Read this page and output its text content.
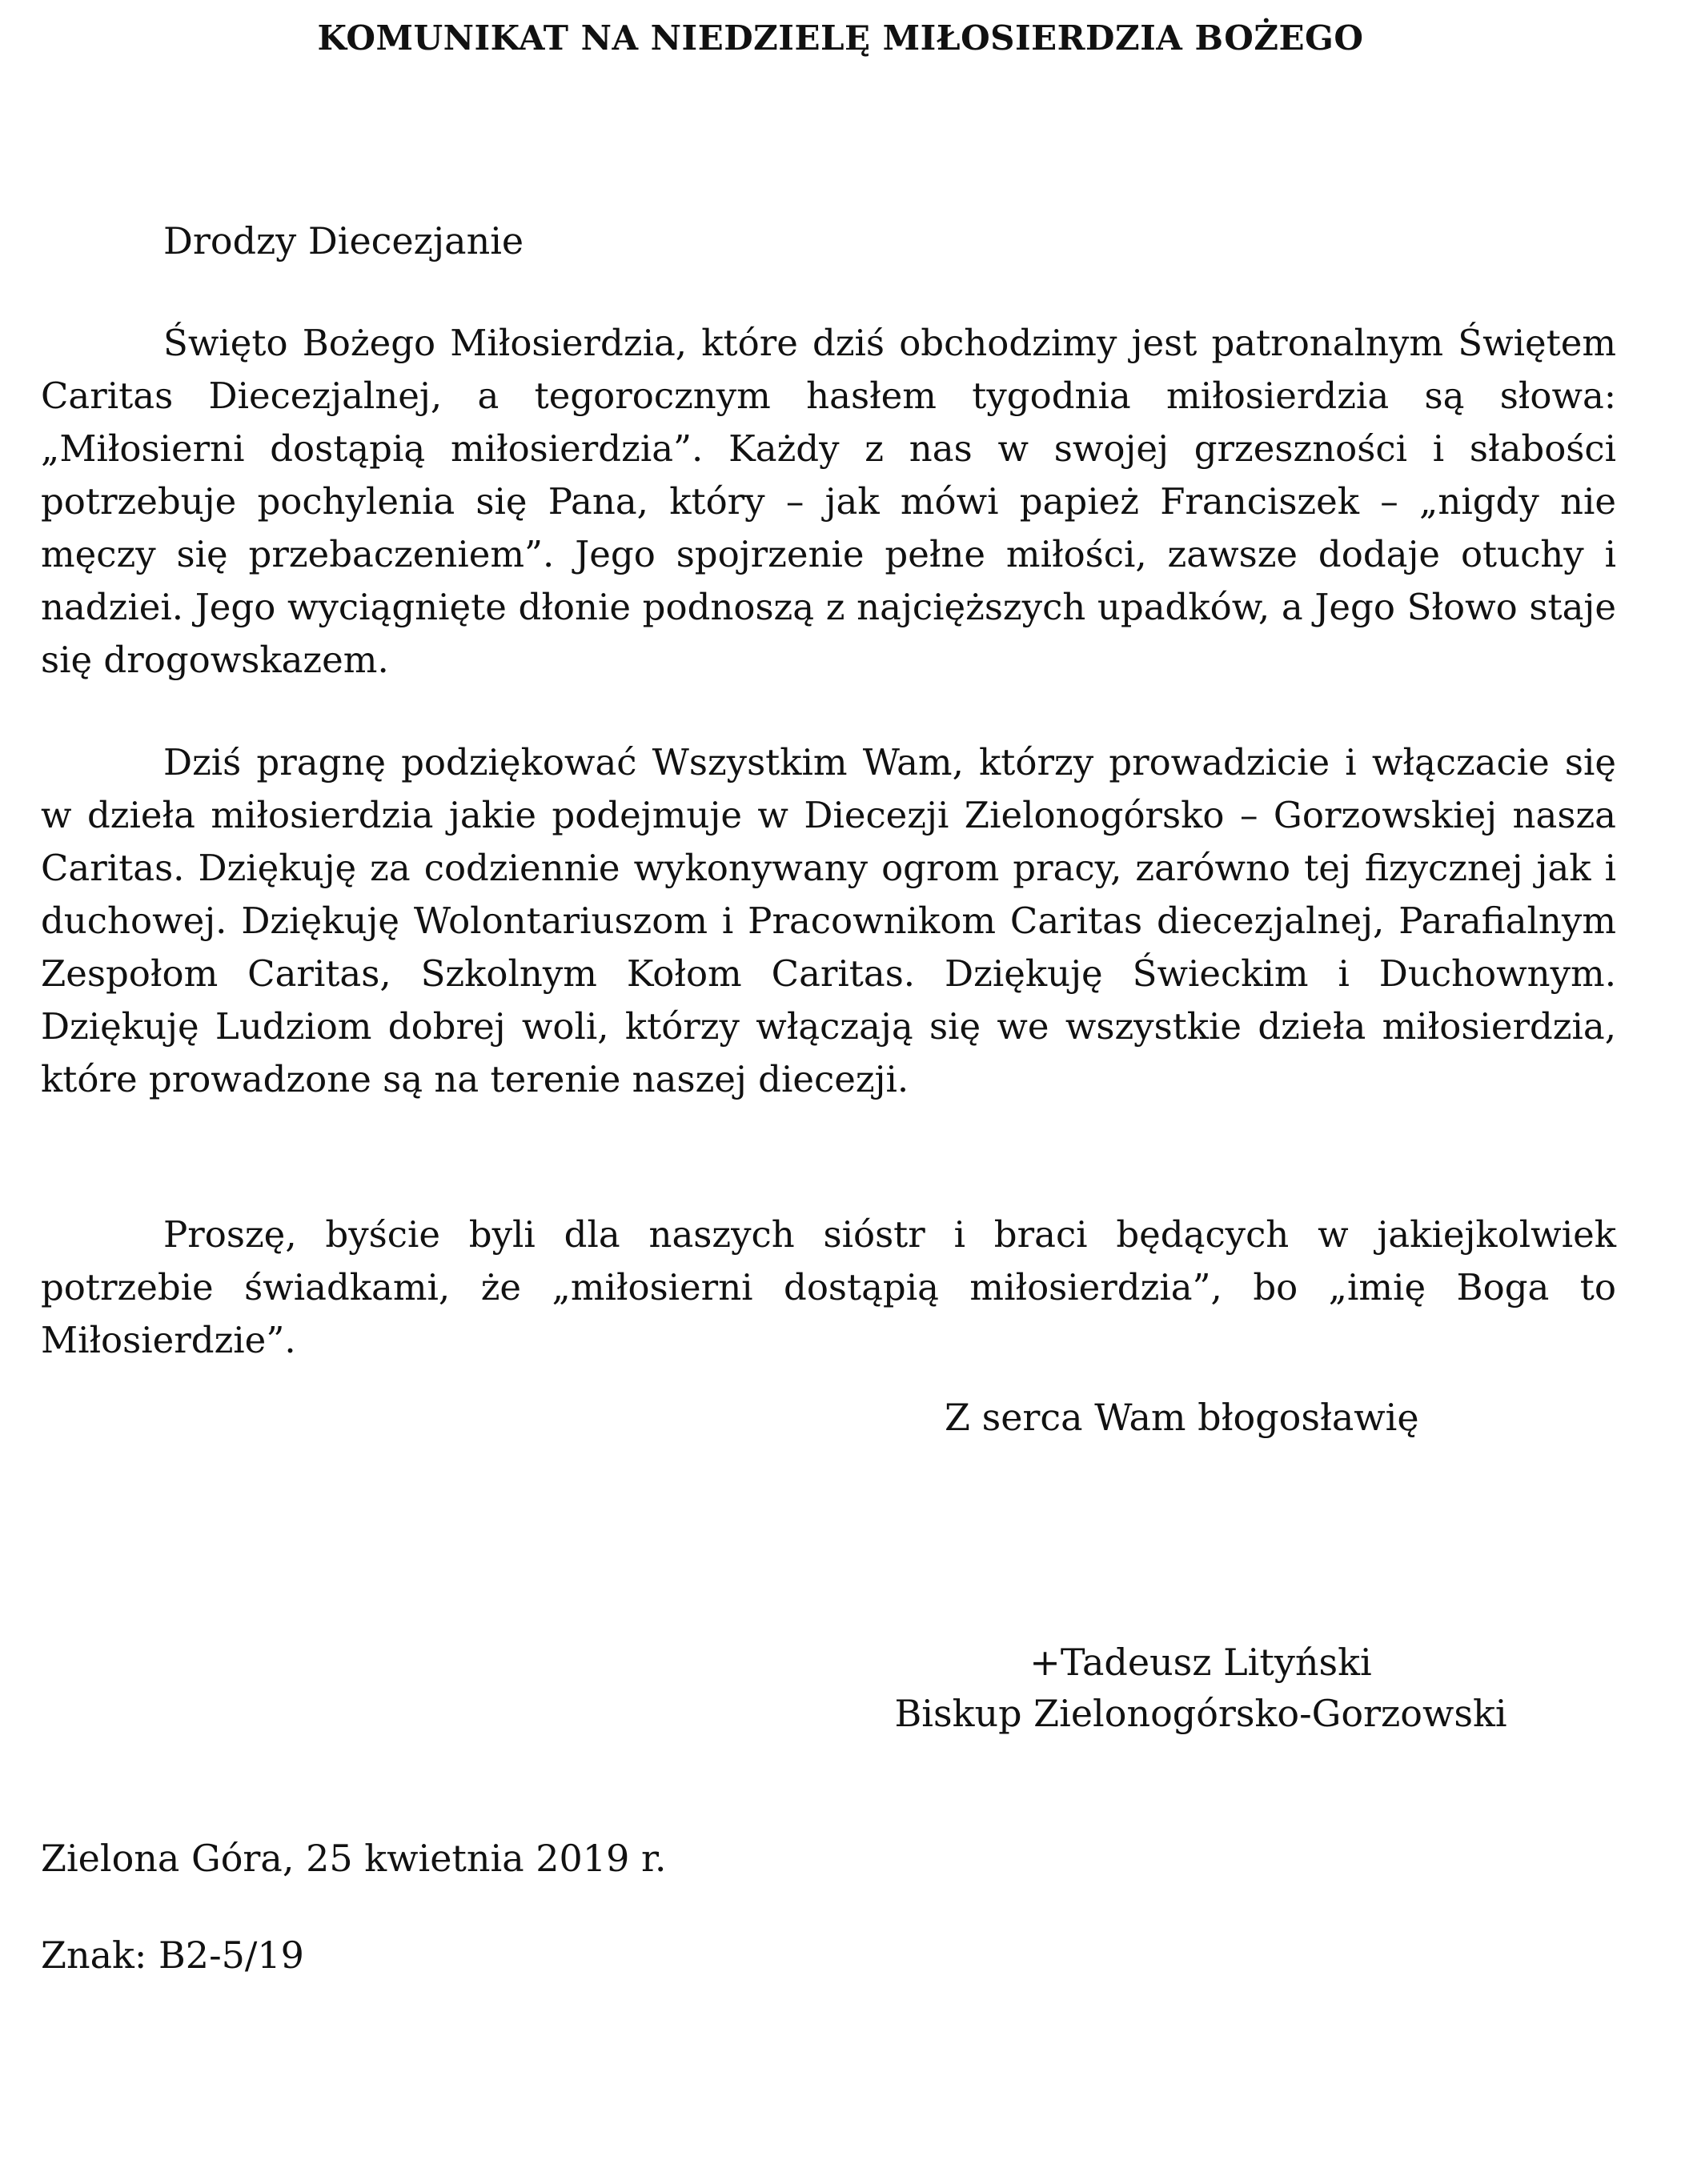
KOMUNIKAT NA NIEDZIELĘ MIŁOSIERDZIA BOŻEGO

Drodzy Diecezjanie

Święto Bożego Miłosierdzia, które dziś obchodzimy jest patronalnym Świętem Caritas Diecezjalnej, a tegorocznym hasłem tygodnia miłosierdzia są słowa: „Miłosierni dostąpią miłosierdzia”. Każdy z nas w swojej grzeszności i słabości potrzebuje pochylenia się Pana, który – jak mówi papież Franciszek – „nigdy nie męczy się przebaczeniem”. Jego spojrzenie pełne miłości, zawsze dodaje otuchy i nadziei. Jego wyciągnięte dłonie podnoszą z najcięższych upadków, a Jego Słowo staje się drogowskazem.

Dziś pragnę podziękować Wszystkim Wam, którzy prowadzicie i włączacie się w dzieła miłosierdzia jakie podejmuje w Diecezji Zielonogórsko – Gorzowskiej nasza Caritas. Dziękuję za codziennie wykonywany ogrom pracy, zarówno tej fizycznej jak i duchowej. Dziękuję Wolontariuszom i Pracownikom Caritas diecezjalnej, Parafialnym Zespołom Caritas, Szkolnym Kołom Caritas. Dziękuję Świeckim i Duchownym. Dziękuję Ludziom dobrej woli, którzy włączają się we wszystkie dzieła miłosierdzia, które prowadzone są na terenie naszej diecezji.

Proszę, byście byli dla naszych sióstr i braci będących w jakiejkolwiek potrzebie świadkami, że „miłosierni dostąpią miłosierdzia”, bo „imię Boga to Miłosierdzie”.

Z serca Wam błogosławię

+Tadeusz Lityński
Biskup Zielonogórsko-Gorzowski

Zielona Góra, 25 kwietnia 2019 r.

Znak: B2-5/19
